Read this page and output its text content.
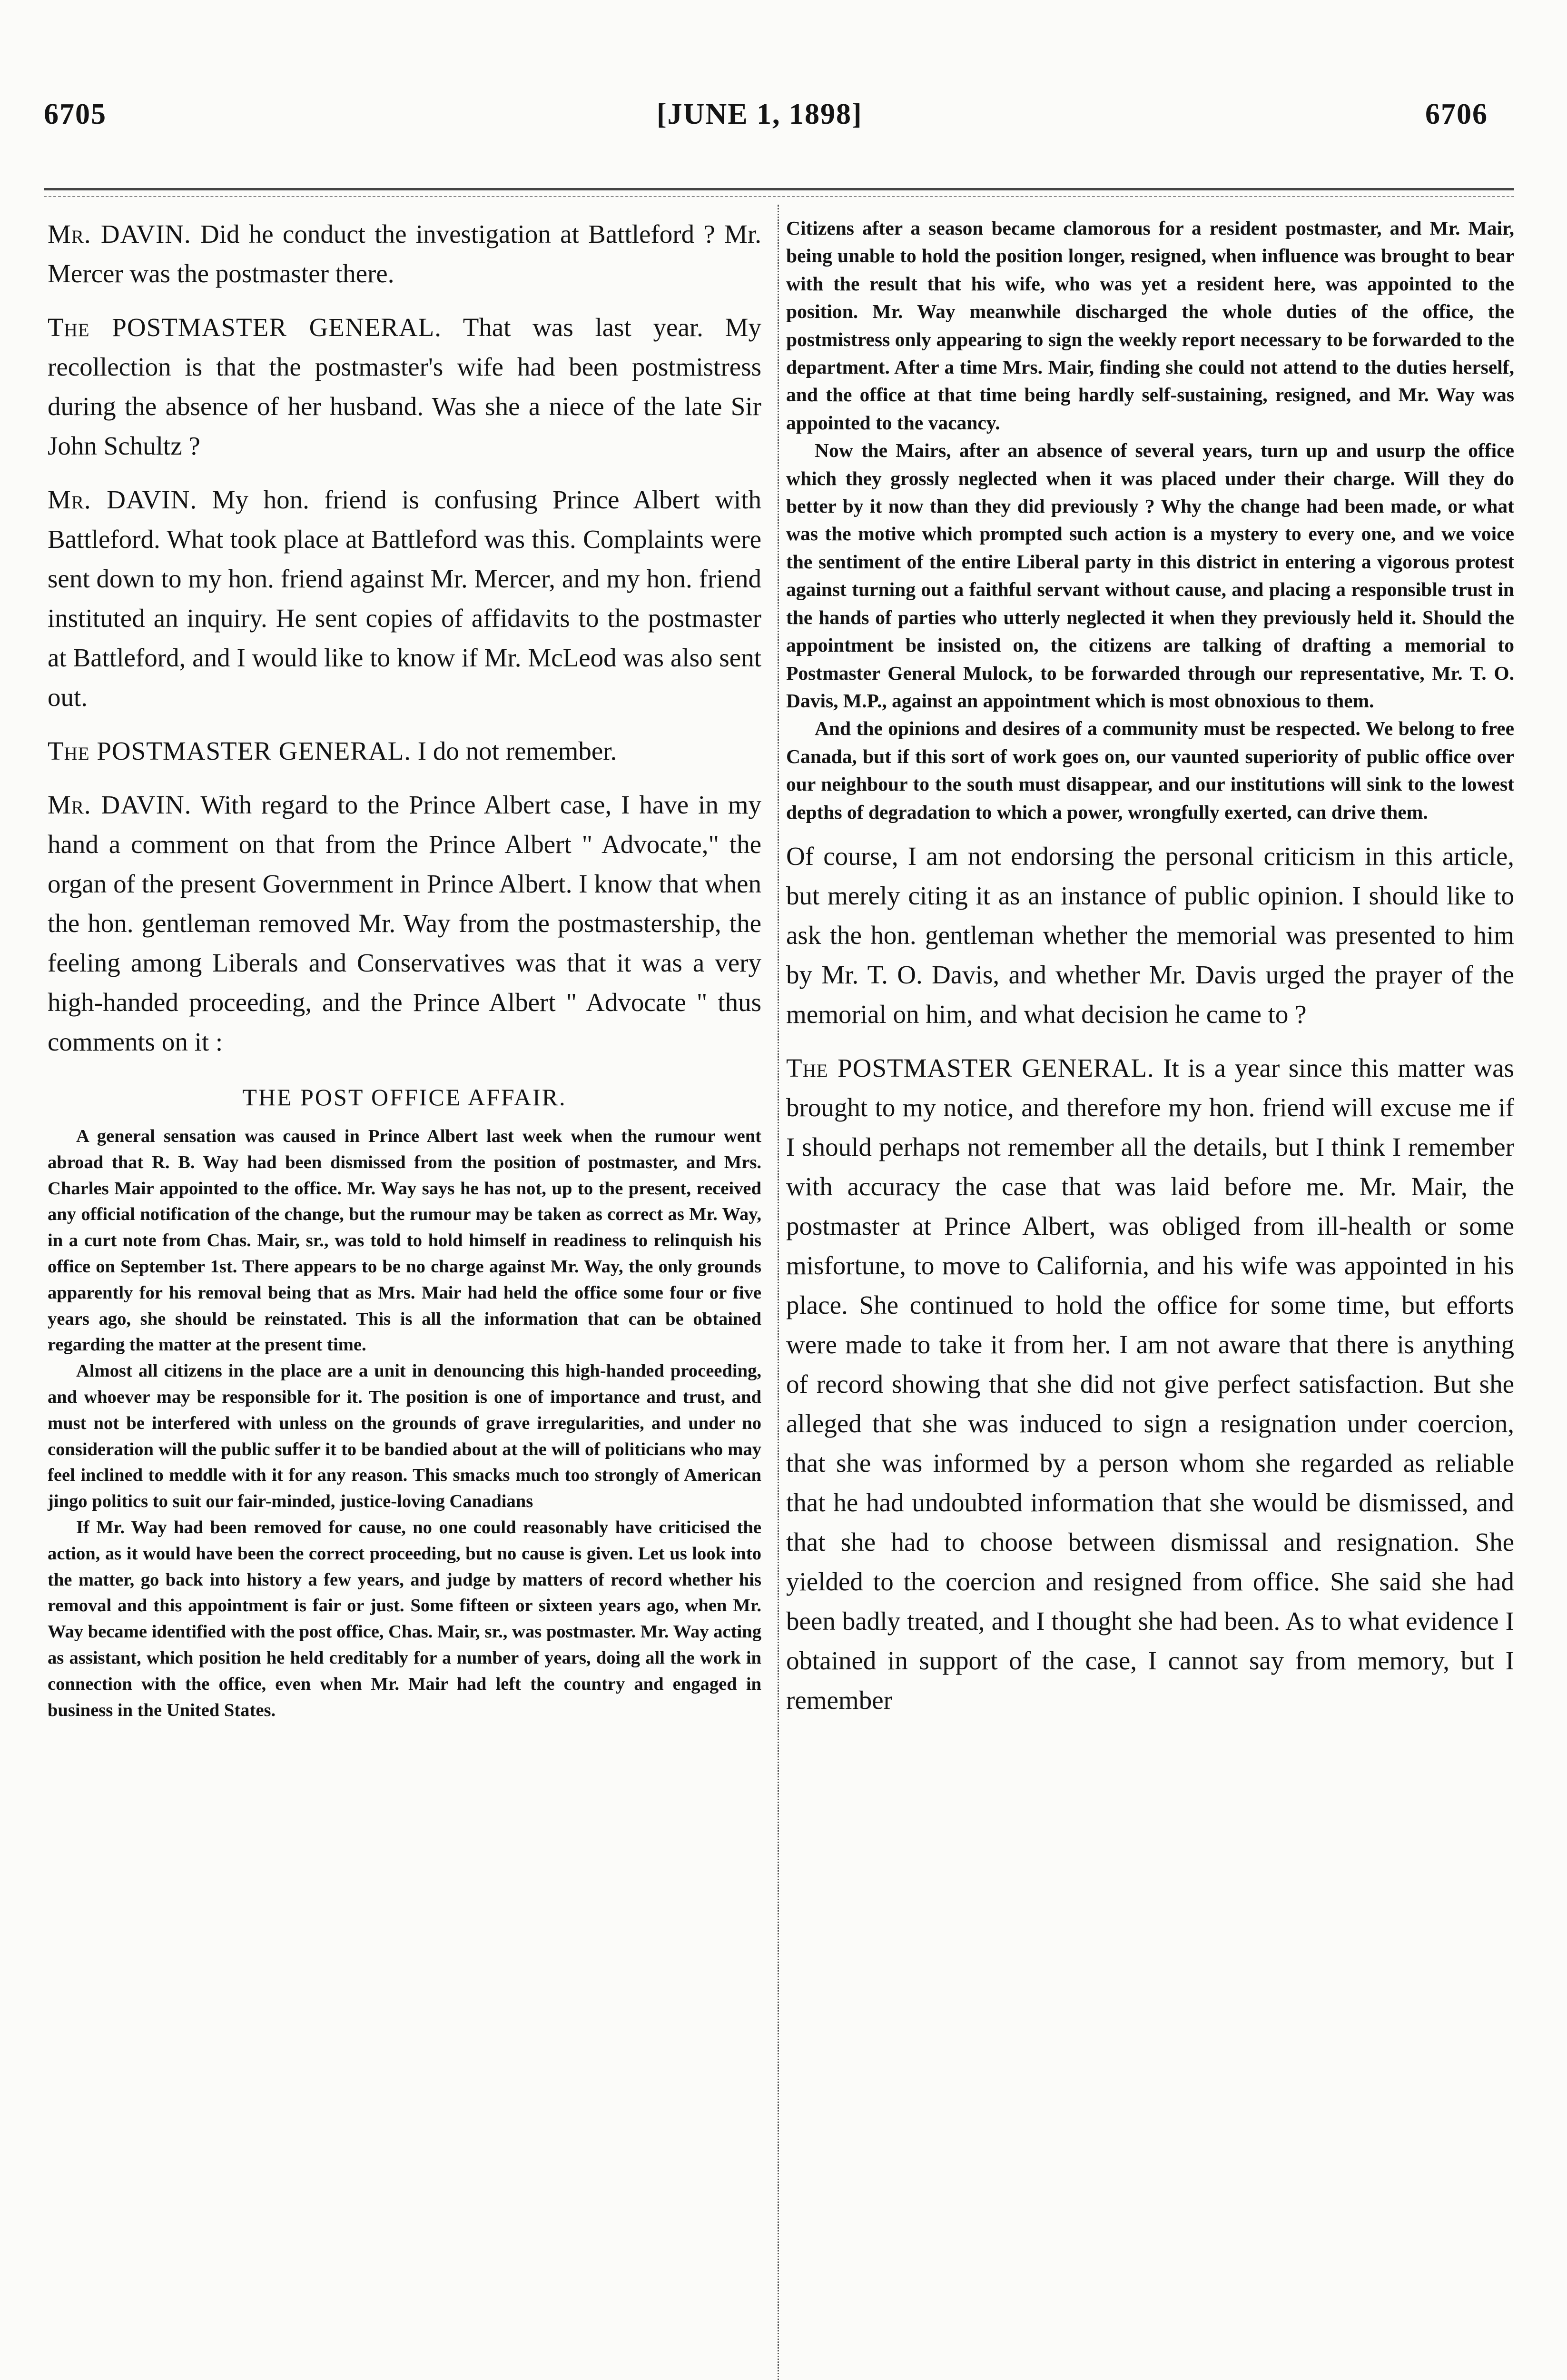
6705	[JUNE 1, 1898]	6706

Mr. DAVIN. Did he conduct the investigation at Battleford ? Mr. Mercer was the postmaster there.

The POSTMASTER GENERAL. That was last year. My recollection is that the postmaster's wife had been postmistress during the absence of her husband. Was she a niece of the late Sir John Schultz ?

Mr. DAVIN. My hon. friend is confusing Prince Albert with Battleford. What took place at Battleford was this. Complaints were sent down to my hon. friend against Mr. Mercer, and my hon. friend instituted an inquiry. He sent copies of affidavits to the postmaster at Battleford, and I would like to know if Mr. McLeod was also sent out.

The POSTMASTER GENERAL. I do not remember.

Mr. DAVIN. With regard to the Prince Albert case, I have in my hand a comment on that from the Prince Albert " Advocate," the organ of the present Government in Prince Albert. I know that when the hon. gentleman removed Mr. Way from the postmastership, the feeling among Liberals and Conservatives was that it was a very high-handed proceeding, and the Prince Albert " Advocate " thus comments on it :

THE POST OFFICE AFFAIR.

A general sensation was caused in Prince Albert last week when the rumour went abroad that R. B. Way had been dismissed from the position of postmaster, and Mrs. Charles Mair appointed to the office. Mr. Way says he has not, up to the present, received any official notification of the change, but the rumour may be taken as correct as Mr. Way, in a curt note from Chas. Mair, sr., was told to hold himself in readiness to relinquish his office on September 1st. There appears to be no charge against Mr. Way, the only grounds apparently for his removal being that as Mrs. Mair had held the office some four or five years ago, she should be reinstated. This is all the information that can be obtained regarding the matter at the present time.

Almost all citizens in the place are a unit in denouncing this high-handed proceeding, and whoever may be responsible for it. The position is one of importance and trust, and must not be interfered with unless on the grounds of grave irregularities, and under no consideration will the public suffer it to be bandied about at the will of politicians who may feel inclined to meddle with it for any reason. This smacks much too strongly of American jingo politics to suit our fair-minded, justice-loving Canadians

If Mr. Way had been removed for cause, no one could reasonably have criticised the action, as it would have been the correct proceeding, but no cause is given. Let us look into the matter, go back into history a few years, and judge by matters of record whether his removal and this appointment is fair or just. Some fifteen or sixteen years ago, when Mr. Way became identified with the post office, Chas. Mair, sr., was postmaster. Mr. Way acting as assistant, which position he held creditably for a number of years, doing all the work in connection with the office, even when Mr. Mair had left the country and engaged in business in the United States.

Citizens after a season became clamorous for a resident postmaster, and Mr. Mair, being unable to hold the position longer, resigned, when influence was brought to bear with the result that his wife, who was yet a resident here, was appointed to the position. Mr. Way meanwhile discharged the whole duties of the office, the postmistress only appearing to sign the weekly report necessary to be forwarded to the department. After a time Mrs. Mair, finding she could not attend to the duties herself, and the office at that time being hardly self-sustaining, resigned, and Mr. Way was appointed to the vacancy.

Now the Mairs, after an absence of several years, turn up and usurp the office which they grossly neglected when it was placed under their charge. Will they do better by it now than they did previously ? Why the change had been made, or what was the motive which prompted such action is a mystery to every one, and we voice the sentiment of the entire Liberal party in this district in entering a vigorous protest against turning out a faithful servant without cause, and placing a responsible trust in the hands of parties who utterly neglected it when they previously held it. Should the appointment be insisted on, the citizens are talking of drafting a memorial to Postmaster General Mulock, to be forwarded through our representative, Mr. T. O. Davis, M.P., against an appointment which is most obnoxious to them.

And the opinions and desires of a community must be respected. We belong to free Canada, but if this sort of work goes on, our vaunted superiority of public office over our neighbour to the south must disappear, and our institutions will sink to the lowest depths of degradation to which a power, wrongfully exerted, can drive them.

Of course, I am not endorsing the personal criticism in this article, but merely citing it as an instance of public opinion. I should like to ask the hon. gentleman whether the memorial was presented to him by Mr. T. O. Davis, and whether Mr. Davis urged the prayer of the memorial on him, and what decision he came to ?

The POSTMASTER GENERAL. It is a year since this matter was brought to my notice, and therefore my hon. friend will excuse me if I should perhaps not remember all the details, but I think I remember with accuracy the case that was laid before me. Mr. Mair, the postmaster at Prince Albert, was obliged from ill-health or some misfortune, to move to California, and his wife was appointed in his place. She continued to hold the office for some time, but efforts were made to take it from her. I am not aware that there is anything of record showing that she did not give perfect satisfaction. But she alleged that she was induced to sign a resignation under coercion, that she was informed by a person whom she regarded as reliable that he had undoubted information that she would be dismissed, and that she had to choose between dismissal and resignation. She yielded to the coercion and resigned from office. She said she had been badly treated, and I thought she had been. As to what evidence I obtained in support of the case, I cannot say from memory, but I remember
